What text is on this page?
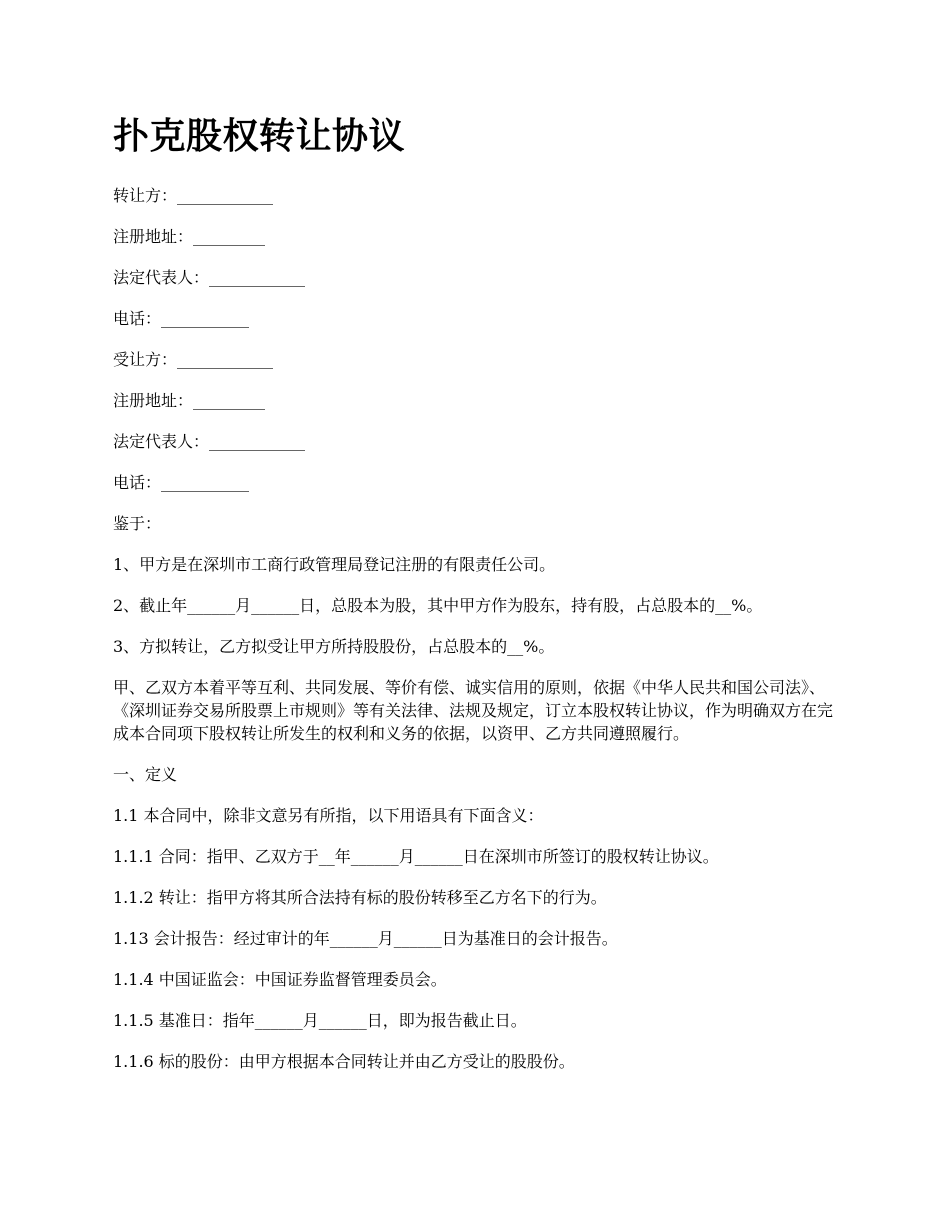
扑克股权转让协议

转让方：____________

注册地址：_________

法定代表人：____________

电话：___________

受让方：____________

注册地址：_________

法定代表人：____________

电话：___________

鉴于：

1、甲方是在深圳市工商行政管理局登记注册的有限责任公司。

2、截止年______月______日，总股本为股，其中甲方作为股东，持有股，占总股本的__%。

3、方拟转让，乙方拟受让甲方所持股股份，占总股本的__%。

甲、乙双方本着平等互利、共同发展、等价有偿、诚实信用的原则，依据《中华人民共和国公司法》、《深圳证券交易所股票上市规则》等有关法律、法规及规定，订立本股权转让协议，作为明确双方在完成本合同项下股权转让所发生的权利和义务的依据，以资甲、乙方共同遵照履行。

一、定义

1.1 本合同中，除非文意另有所指，以下用语具有下面含义：

1.1.1 合同：指甲、乙双方于__年______月______日在深圳市所签订的股权转让协议。

1.1.2 转让：指甲方将其所合法持有标的股份转移至乙方名下的行为。

1.13 会计报告：经过审计的年______月______日为基准日的会计报告。

1.1.4 中国证监会：中国证券监督管理委员会。

1.1.5 基准日：指年______月______日，即为报告截止日。

1.1.6 标的股份：由甲方根据本合同转让并由乙方受让的股股份。
